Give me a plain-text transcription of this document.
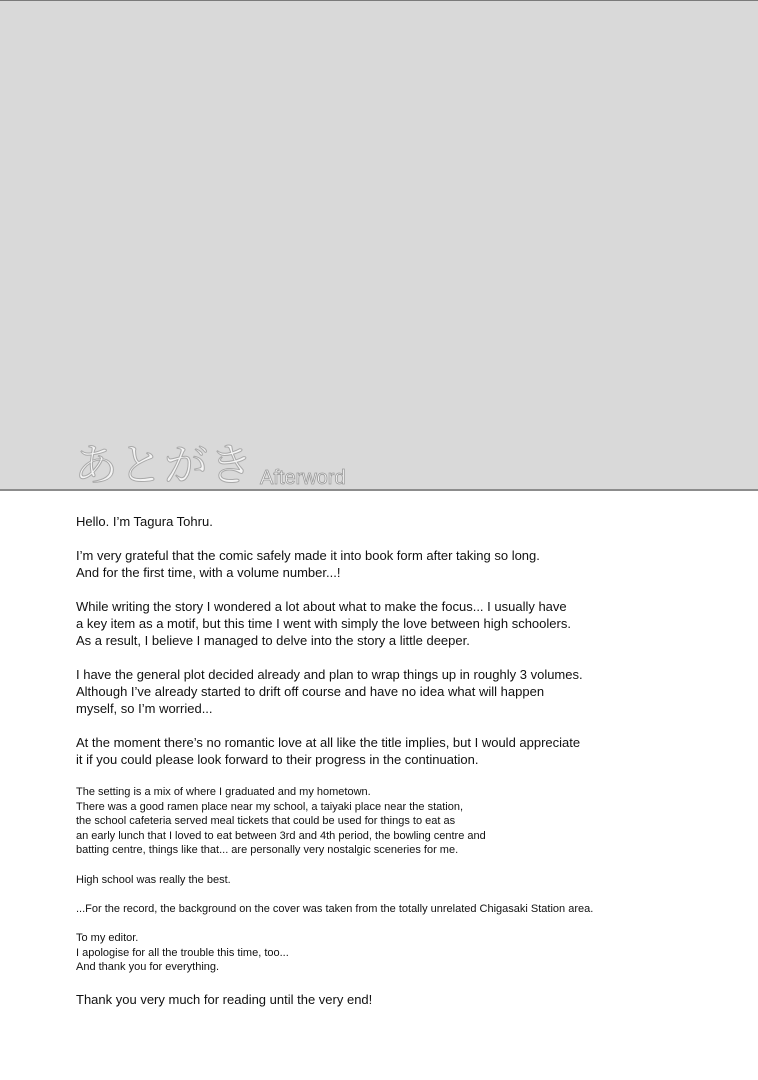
あとがき Afterword

Hello. I’m Tagura Tohru.

I’m very grateful that the comic safely made it into book form after taking so long.
And for the first time, with a volume number...!

While writing the story I wondered a lot about what to make the focus... I usually have
a key item as a motif, but this time I went with simply the love between high schoolers.
As a result, I believe I managed to delve into the story a little deeper.

I have the general plot decided already and plan to wrap things up in roughly 3 volumes.
Although I’ve already started to drift off course and have no idea what will happen
myself, so I’m worried...

At the moment there’s no romantic love at all like the title implies, but I would appreciate
it if you could please look forward to their progress in the continuation.

The setting is a mix of where I graduated and my hometown.
There was a good ramen place near my school, a taiyaki place near the station,
the school cafeteria served meal tickets that could be used for things to eat as
an early lunch that I loved to eat between 3rd and 4th period, the bowling centre and
batting centre, things like that... are personally very nostalgic sceneries for me.

High school was really the best.

...For the record, the background on the cover was taken from the totally unrelated Chigasaki Station area.

To my editor.
I apologise for all the trouble this time, too...
And thank you for everything.

Thank you very much for reading until the very end!
